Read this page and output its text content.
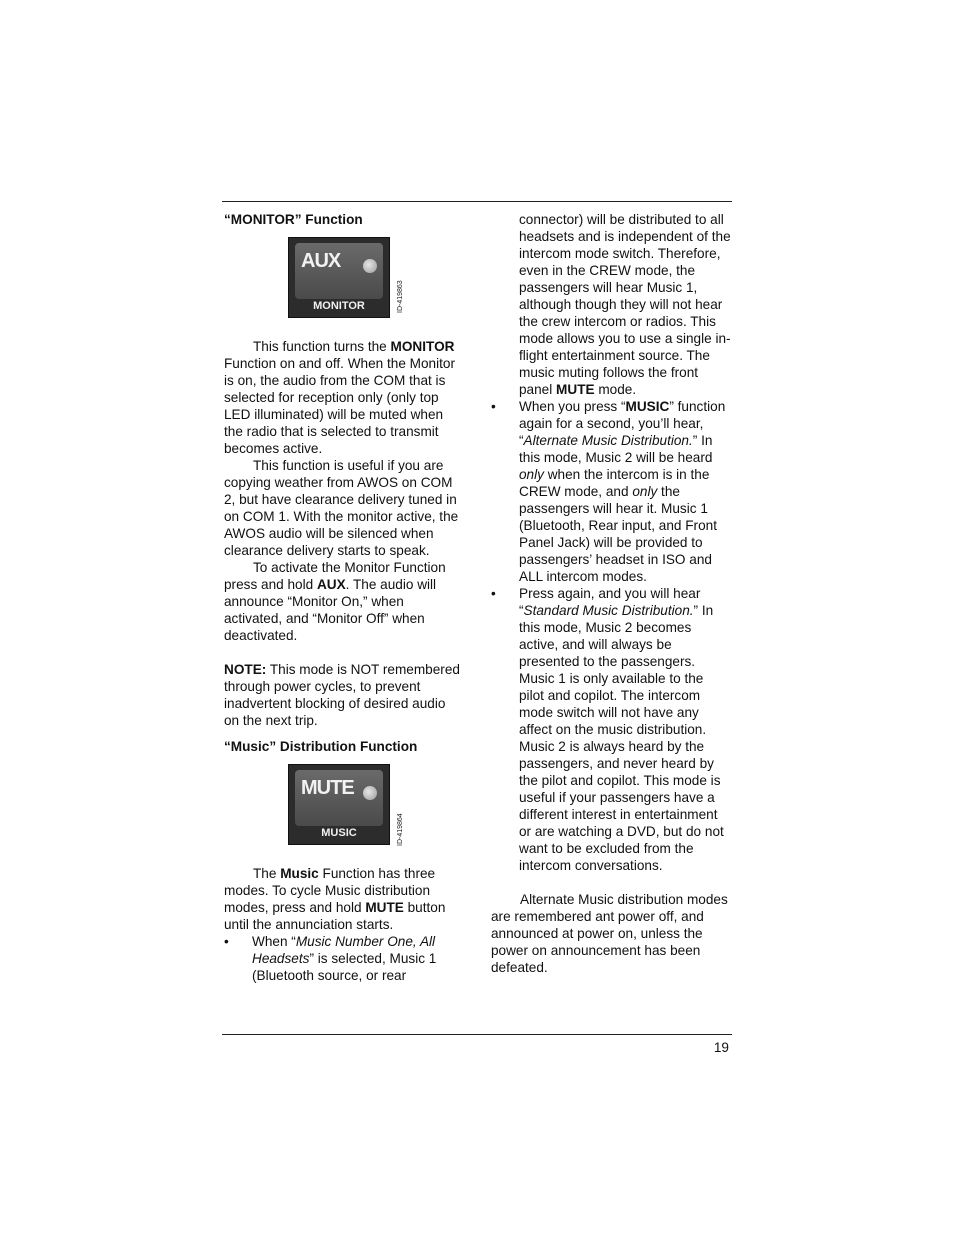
“MONITOR” Function
AUX
MONITOR	ID-419863

This function turns the MONITOR Function on and off. When the Monitor is on, the audio from the COM that is selected for reception only (only top LED illuminated) will be muted when the radio that is selected to transmit becomes active.

This function is useful if you are copying weather from AWOS on COM 2, but have clearance delivery tuned in on COM 1. With the monitor active, the AWOS audio will be silenced when clearance delivery starts to speak.

To activate the Monitor Function press and hold AUX. The audio will announce “Monitor On,” when activated, and “Monitor Off” when deactivated.

NOTE: This mode is NOT remembered through power cycles, to prevent inadvertent blocking of desired audio on the next trip.

“Music” Distribution Function
MUTE
MUSIC	ID-419864

The Music Function has three modes. To cycle Music distribution modes, press and hold MUTE button until the annunciation starts.

• When “Music Number One, All Headsets” is selected, Music 1 (Bluetooth source, or rear

connector) will be distributed to all headsets and is independent of the intercom mode switch. Therefore, even in the CREW mode, the passengers will hear Music 1, although though they will not hear the crew intercom or radios. This mode allows you to use a single in-flight entertainment source. The music muting follows the front panel MUTE mode.

• When you press “MUSIC” function again for a second, you’ll hear, “Alternate Music Distribution.” In this mode, Music 2 will be heard only when the intercom is in the CREW mode, and only the passengers will hear it. Music 1 (Bluetooth, Rear input, and Front Panel Jack) will be provided to passengers’ headset in ISO and ALL intercom modes.
• Press again, and you will hear “Standard Music Distribution.” In this mode, Music 2 becomes active, and will always be presented to the passengers. Music 1 is only available to the pilot and copilot. The intercom mode switch will not have any affect on the music distribution. Music 2 is always heard by the passengers, and never heard by the pilot and copilot. This mode is useful if your passengers have a different interest in entertainment or are watching a DVD, but do not want to be excluded from the intercom conversations.

Alternate Music distribution modes are remembered ant power off, and announced at power on, unless the power on announcement has been defeated.

19
